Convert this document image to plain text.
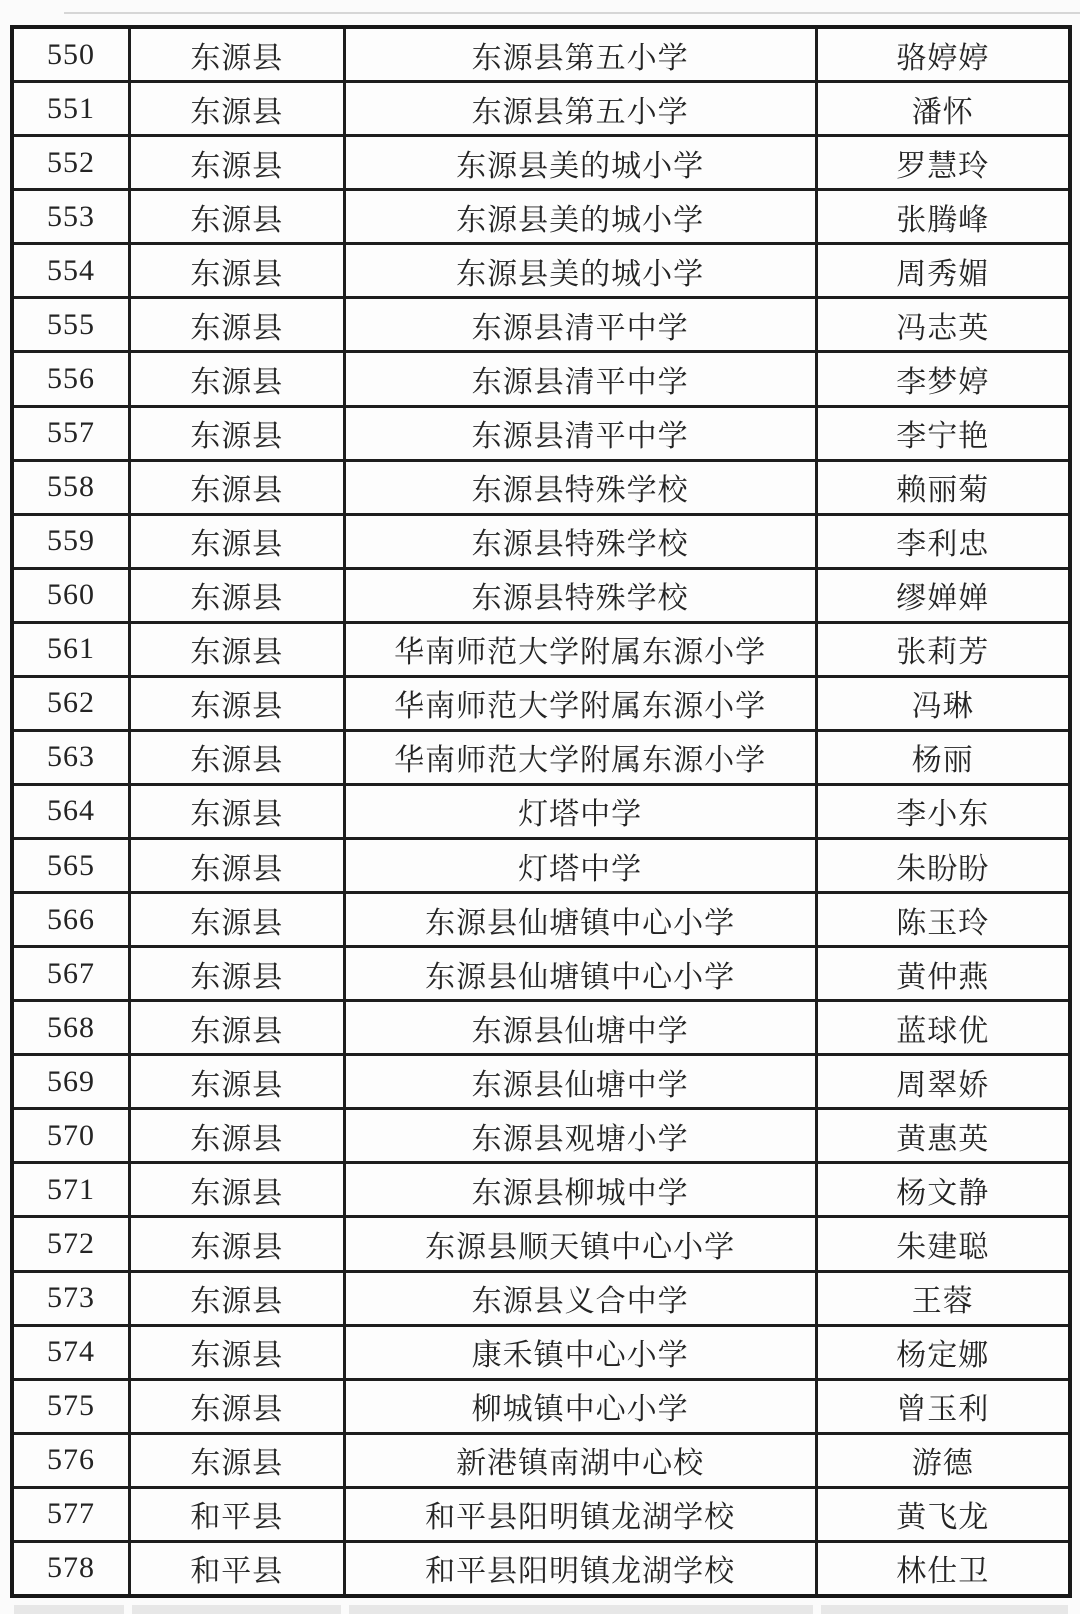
550	东源县	东源县第五小学	骆婷婷
551	东源县	东源县第五小学	潘怀
552	东源县	东源县美的城小学	罗慧玲
553	东源县	东源县美的城小学	张腾峰
554	东源县	东源县美的城小学	周秀媚
555	东源县	东源县清平中学	冯志英
556	东源县	东源县清平中学	李梦婷
557	东源县	东源县清平中学	李宁艳
558	东源县	东源县特殊学校	赖丽菊
559	东源县	东源县特殊学校	李利忠
560	东源县	东源县特殊学校	缪婵婵
561	东源县	华南师范大学附属东源小学	张莉芳
562	东源县	华南师范大学附属东源小学	冯琳
563	东源县	华南师范大学附属东源小学	杨丽
564	东源县	灯塔中学	李小东
565	东源县	灯塔中学	朱盼盼
566	东源县	东源县仙塘镇中心小学	陈玉玲
567	东源县	东源县仙塘镇中心小学	黄仲燕
568	东源县	东源县仙塘中学	蓝球优
569	东源县	东源县仙塘中学	周翠娇
570	东源县	东源县观塘小学	黄惠英
571	东源县	东源县柳城中学	杨文静
572	东源县	东源县顺天镇中心小学	朱建聪
573	东源县	东源县义合中学	王蓉
574	东源县	康禾镇中心小学	杨定娜
575	东源县	柳城镇中心小学	曾玉利
576	东源县	新港镇南湖中心校	游德
577	和平县	和平县阳明镇龙湖学校	黄飞龙
578	和平县	和平县阳明镇龙湖学校	林仕卫
